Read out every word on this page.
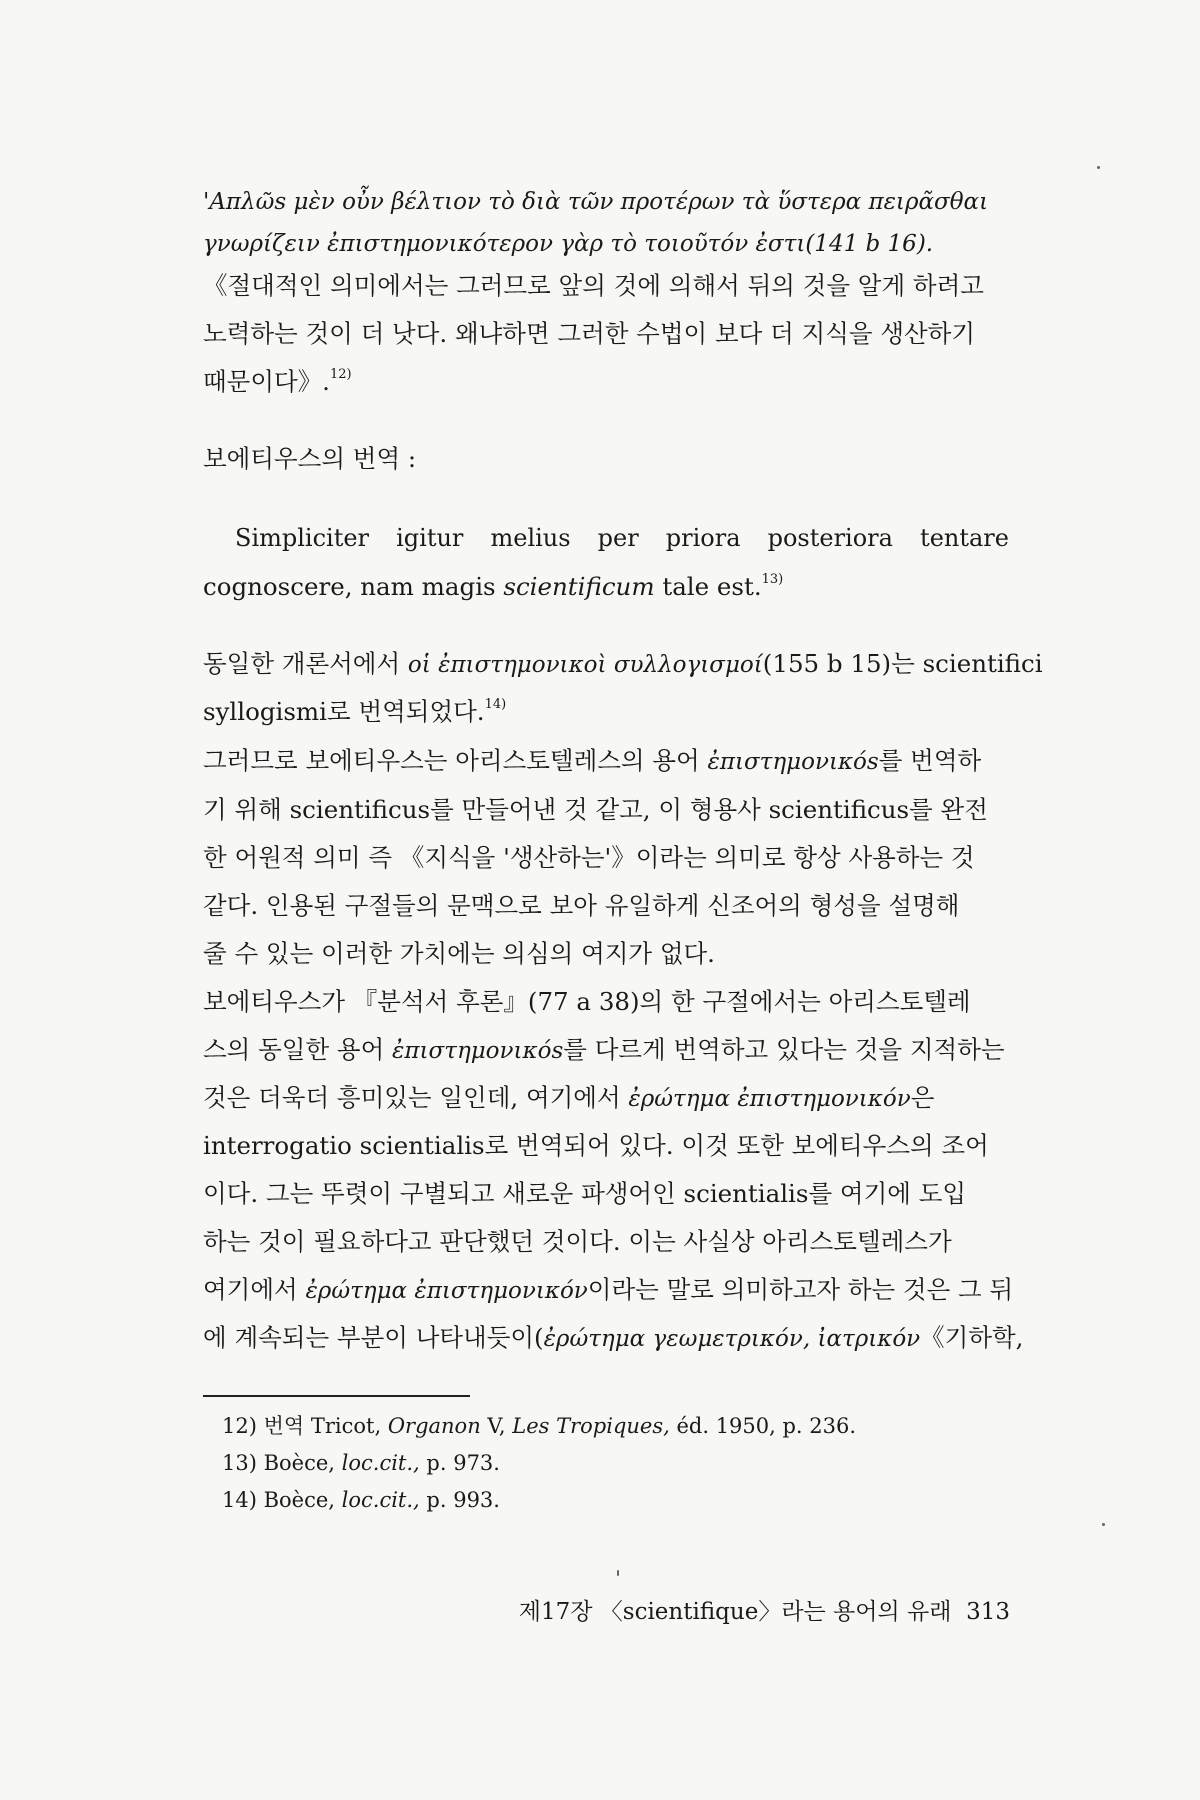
'Απλῶs μὲν οὖν βέλτιον τὸ διὰ τῶν προτέρων τὰ ὕστερα πειρᾶσθαι
γνωρίζειν ἐπιστημονικότερον γὰρ τὸ τοιοῦτόν ἐστι(141 b 16).
《절대적인 의미에서는 그러므로 앞의 것에 의해서 뒤의 것을 알게 하려고
노력하는 것이 더 낫다. 왜냐하면 그러한 수법이 보다 더 지식을 생산하기
때문이다》.$^{12)}$
보에티우스의 번역 :
Simpliciter igitur melius per priora posteriora tentare
cognoscere, nam magis scientificum tale est.$^{13)}$
동일한 개론서에서 οἱ ἐπιστημονικοὶ συλλογισμοί(155 b 15)는 scientifici
syllogismi로 번역되었다.$^{14)}$
그러므로 보에티우스는 아리스토텔레스의 용어 ἐπιστημονικόs를 번역하
기 위해 scientificus를 만들어낸 것 같고, 이 형용사 scientificus를 완전
한 어원적 의미 즉 《지식을 '생산하는'》이라는 의미로 항상 사용하는 것
같다. 인용된 구절들의 문맥으로 보아 유일하게 신조어의 형성을 설명해
줄 수 있는 이러한 가치에는 의심의 여지가 없다.
보에티우스가 『분석서 후론』(77 a 38)의 한 구절에서는 아리스토텔레
스의 동일한 용어 ἐπιστημονικόs를 다르게 번역하고 있다는 것을 지적하는
것은 더욱더 흥미있는 일인데, 여기에서 ἐρώτημα ἐπιστημονικόν은
interrogatio scientialis로 번역되어 있다. 이것 또한 보에티우스의 조어
이다. 그는 뚜렷이 구별되고 새로운 파생어인 scientialis를 여기에 도입
하는 것이 필요하다고 판단했던 것이다. 이는 사실상 아리스토텔레스가
여기에서 ἐρώτημα ἐπιστημονικόν이라는 말로 의미하고자 하는 것은 그 뒤
에 계속되는 부분이 나타내듯이(ἐρώτημα γεωμετρικόν, ἰατρικόν《기하학,
12) 번역 Tricot, Organon V, Les Tropiques, éd. 1950, p. 236.
13) Boèce, loc.cit., p. 973.
14) Boèce, loc.cit., p. 993.
제17장 〈scientifique〉라는 용어의 유래 313
